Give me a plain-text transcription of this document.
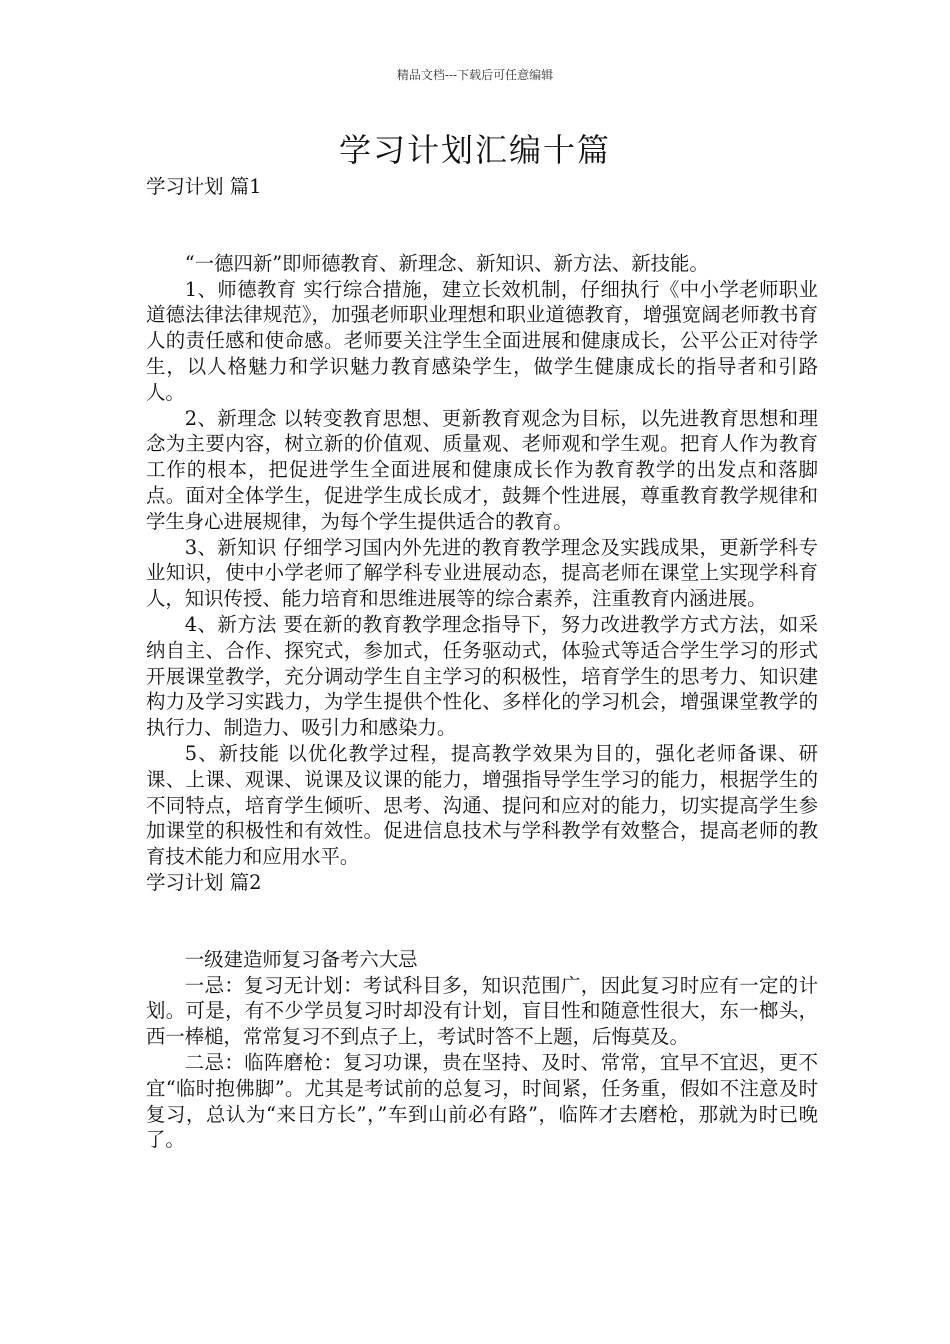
精品文档---下载后可任意编辑
学习计划汇编十篇

学习计划 篇1

“一德四新”即师德教育、新理念、新知识、新方法、新技能。

1、师德教育 实行综合措施，建立长效机制，仔细执行《中小学老师职业道德法律法律规范》，加强老师职业理想和职业道德教育，增强宽阔老师教书育人的责任感和使命感。老师要关注学生全面进展和健康成长，公平公正对待学生，以人格魅力和学识魅力教育感染学生，做学生健康成长的指导者和引路人。

2、新理念 以转变教育思想、更新教育观念为目标，以先进教育思想和理念为主要内容，树立新的价值观、质量观、老师观和学生观。把育人作为教育工作的根本，把促进学生全面进展和健康成长作为教育教学的出发点和落脚点。面对全体学生，促进学生成长成才，鼓舞个性进展，尊重教育教学规律和学生身心进展规律，为每个学生提供适合的教育。

3、新知识 仔细学习国内外先进的教育教学理念及实践成果，更新学科专业知识，使中小学老师了解学科专业进展动态，提高老师在课堂上实现学科育人，知识传授、能力培育和思维进展等的综合素养，注重教育内涵进展。

4、新方法 要在新的教育教学理念指导下，努力改进教学方式方法，如采纳自主、合作、探究式，参加式，任务驱动式，体验式等适合学生学习的形式开展课堂教学，充分调动学生自主学习的积极性，培育学生的思考力、知识建构力及学习实践力，为学生提供个性化、多样化的学习机会，增强课堂教学的执行力、制造力、吸引力和感染力。

5、新技能 以优化教学过程，提高教学效果为目的，强化老师备课、研课、上课、观课、说课及议课的能力，增强指导学生学习的能力，根据学生的不同特点，培育学生倾听、思考、沟通、提问和应对的能力，切实提高学生参加课堂的积极性和有效性。促进信息技术与学科教学有效整合，提高老师的教育技术能力和应用水平。

学习计划 篇2

一级建造师复习备考六大忌

一忌：复习无计划：考试科目多，知识范围广，因此复习时应有一定的计划。可是，有不少学员复习时却没有计划，盲目性和随意性很大，东一榔头，西一棒槌，常常复习不到点子上，考试时答不上题，后悔莫及。

二忌：临阵磨枪：复习功课，贵在坚持、及时、常常，宜早不宜迟，更不宜“临时抱佛脚”。尤其是考试前的总复习，时间紧，任务重，假如不注意及时复习，总认为“来日方长”，”车到山前必有路”，临阵才去磨枪，那就为时已晚了。
